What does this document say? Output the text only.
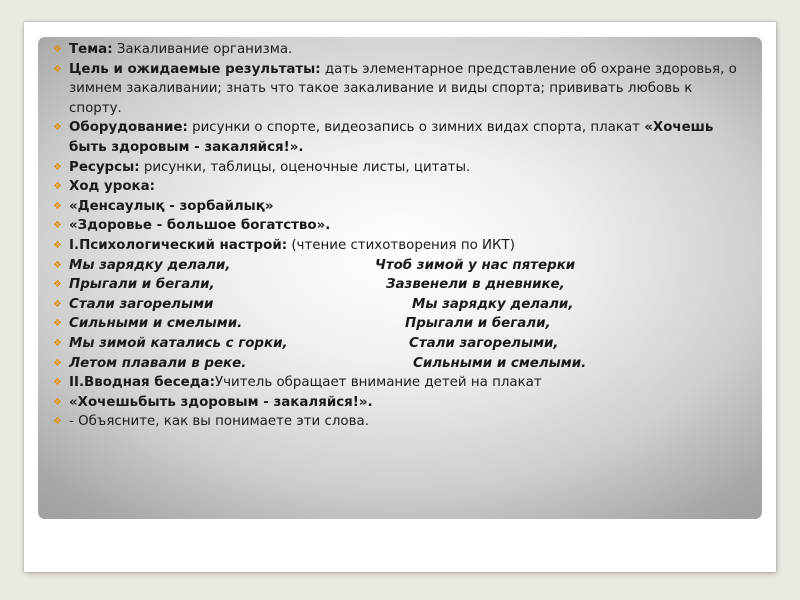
❖ Тема: Закаливание организма.
❖ Цель и ожидаемые результаты: дать элементарное представление об охране здоровья, о зимнем закаливании; знать что такое закаливание и виды спорта; прививать любовь к спорту.
❖ Оборудование: рисунки о спорте, видеозапись о зимних видах спорта, плакат «Хочешь быть здоровым - закаляйся!».
❖ Ресурсы: рисунки, таблицы, оценочные листы, цитаты.
❖ Ход урока:
❖ «Денсаулық - зорбайлық»
❖ «Здоровье - большое богатство».
❖ I.Психологический настрой: (чтение стихотворения по ИКТ)
❖ Мы зарядку делали,	Чтоб зимой у нас пятерки
❖ Прыгали и бегали,	Зазвенели в дневнике,
❖ Стали загорелыми	Мы зарядку делали,
❖ Сильными и смелыми.	Прыгали и бегали,
❖ Мы зимой катались с горки,	Стали загорелыми,
❖ Летом плавали в реке.	Сильными и смелыми.
❖ II.Вводная беседа:Учитель обращает внимание детей на плакат
❖ «Хочешьбыть здоровым - закаляйся!».
❖ - Объясните, как вы понимаете эти слова.
